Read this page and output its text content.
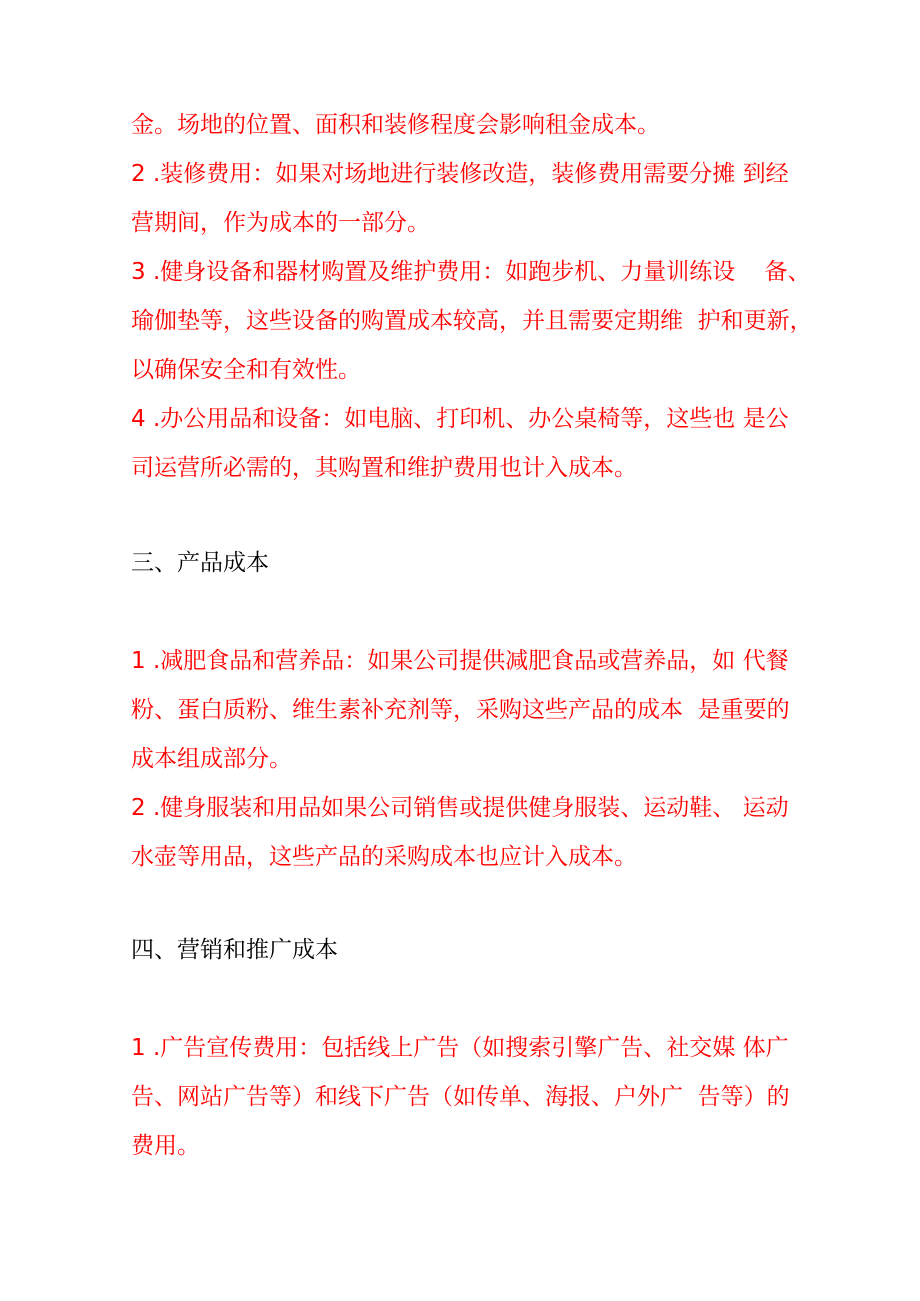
金。场地的位置、面积和装修程度会影响租金成本。
2 .装修费用：如果对场地进行装修改造，装修费用需要分摊 到经
营期间，作为成本的一部分。
3 .健身设备和器材购置及维护费用：如跑步机、力量训练设    备、
瑜伽垫等，这些设备的购置成本较高，并且需要定期维  护和更新，
以确保安全和有效性。
4 .办公用品和设备：如电脑、打印机、办公桌椅等，这些也 是公
司运营所必需的，其购置和维护费用也计入成本。
三、产品成本
1 .减肥食品和营养品：如果公司提供减肥食品或营养品，如 代餐
粉、蛋白质粉、维生素补充剂等，采购这些产品的成本  是重要的
成本组成部分。
2 .健身服装和用品如果公司销售或提供健身服装、运动鞋、 运动
水壶等用品，这些产品的采购成本也应计入成本。
四、营销和推广成本
1 .广告宣传费用：包括线上广告（如搜索引擎广告、社交媒 体广
告、网站广告等）和线下广告（如传单、海报、户外广  告等）的
费用。
